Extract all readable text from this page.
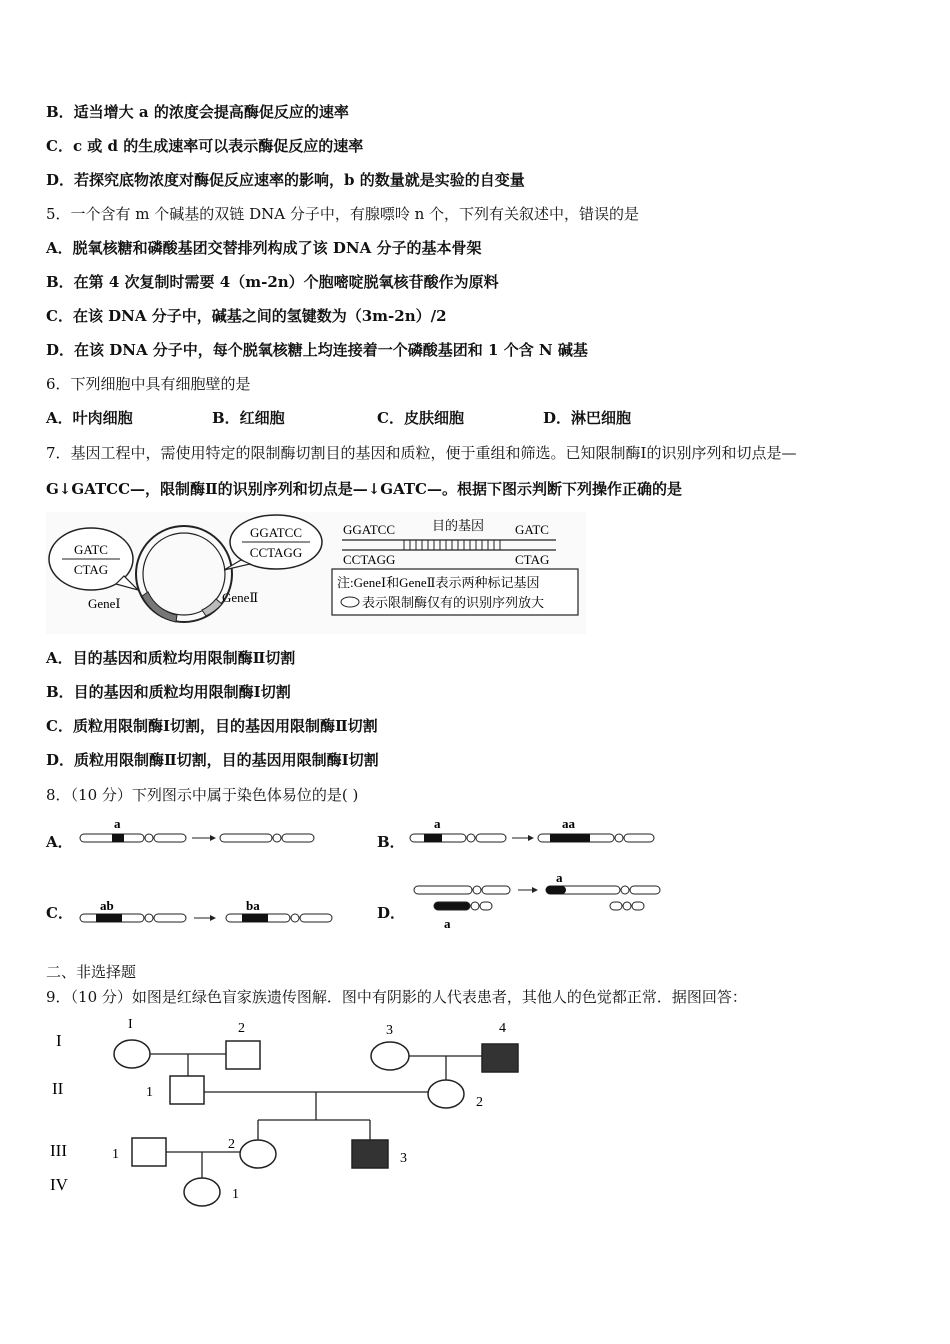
B．适当增大 a 的浓度会提高酶促反应的速率
C．c 或 d 的生成速率可以表示酶促反应的速率
D．若探究底物浓度对酶促反应速率的影响，b 的数量就是实验的自变量
5．一个含有 m 个碱基的双链 DNA 分子中，有腺嘌呤 n 个，下列有关叙述中，错误的是
A．脱氧核糖和磷酸基团交替排列构成了该 DNA 分子的基本骨架
B．在第 4 次复制时需要 4（m-2n）个胞嘧啶脱氧核苷酸作为原料
C．在该 DNA 分子中，碱基之间的氢键数为（3m-2n）/2
D．在该 DNA 分子中，每个脱氧核糖上均连接着一个磷酸基团和 1 个含 N 碱基
6．下列细胞中具有细胞壁的是
A．叶肉细胞	B．红细胞	C．皮肤细胞	D．淋巴细胞
7．基因工程中，需使用特定的限制酶切割目的基因和质粒，便于重组和筛选。已知限制酶Ⅰ的识别序列和切点是—
G↓GATCC—，限制酶Ⅱ的识别序列和切点是—↓GATC—。根据下图示判断下列操作正确的是
GATC
CTAG
GeneⅠ	GeneⅡ
GGATCC
CCTAGG
GGATCC	目的基因 GATC
CCTAGG	CTAG
注:GeneⅠ和GeneⅡ表示两种标记基因
表示限制酶仅有的识别序列放大
A．目的基因和质粒均用限制酶Ⅱ切割
B．目的基因和质粒均用限制酶Ⅰ切割
C．质粒用限制酶Ⅰ切割，目的基因用限制酶Ⅱ切割
D．质粒用限制酶Ⅱ切割，目的基因用限制酶Ⅰ切割
8．（10 分）下列图示中属于染色体易位的是( )
A．
a
B．
a	aa
C． ab	ba	D．
a
a
二、非选择题
9．（10 分）如图是红绿色盲家族遗传图解．图中有阴影的人代表患者，其他人的色觉都正常．据图回答：
I
II
III
IV
I	2	3	4
1
2
1
2
3
1
